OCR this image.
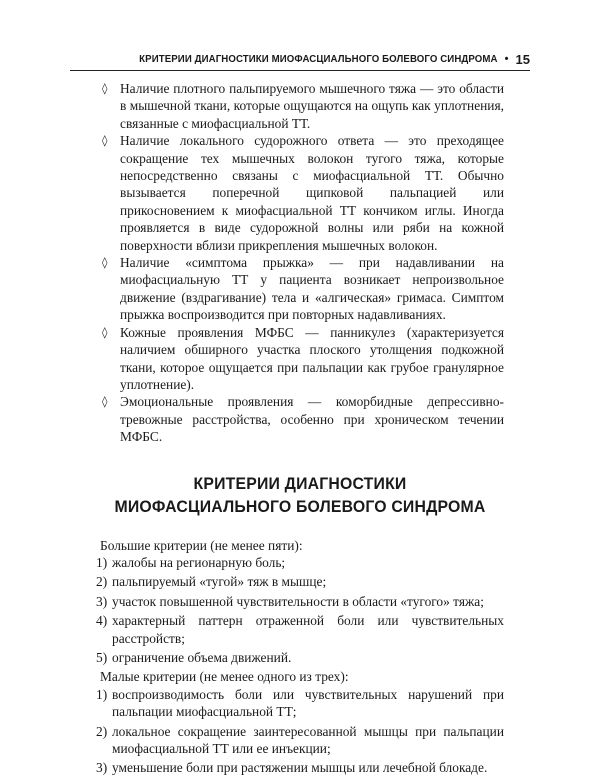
КРИТЕРИИ ДИАГНОСТИКИ МИОФАСЦИАЛЬНОГО БОЛЕВОГО СИНДРОМА • 15
◊ Наличие плотного пальпируемого мышечного тяжа — это области в мышечной ткани, которые ощущаются на ощупь как уплотнения, связанные с миофасциальной ТТ.
◊ Наличие локального судорожного ответа — это преходящее сокращение тех мышечных волокон тугого тяжа, которые непосредственно связаны с миофасциальной ТТ. Обычно вызывается поперечной щипковой пальпацией или прикосновением к миофасциальной ТТ кончиком иглы. Иногда проявляется в виде судорожной волны или ряби на кожной поверхности вблизи прикрепления мышечных волокон.
◊ Наличие «симптома прыжка» — при надавливании на миофасциальную ТТ у пациента возникает непроизвольное движение (вздрагивание) тела и «алгическая» гримаса. Симптом прыжка воспроизводится при повторных надавливаниях.
◊ Кожные проявления МФБС — панникулез (характеризуется наличием обширного участка плоского утолщения подкожной ткани, которое ощущается при пальпации как грубое гранулярное уплотнение).
◊ Эмоциональные проявления — коморбидные депрессивно-тревожные расстройства, особенно при хроническом течении МФБС.
КРИТЕРИИ ДИАГНОСТИКИ
МИОФАСЦИАЛЬНОГО БОЛЕВОГО СИНДРОМА

Большие критерии (не менее пяти):

1) жалобы на регионарную боль;
2) пальпируемый «тугой» тяж в мышце;
3) участок повышенной чувствительности в области «тугого» тяжа;
4) характерный паттерн отраженной боли или чувствительных расстройств;
5) ограничение объема движений.

Малые критерии (не менее одного из трех):

1) воспроизводимость боли или чувствительных нарушений при пальпации миофасциальной ТТ;
2) локальное сокращение заинтересованной мышцы при пальпации миофасциальной ТТ или ее инъекции;
3) уменьшение боли при растяжении мышцы или лечебной блокаде.
